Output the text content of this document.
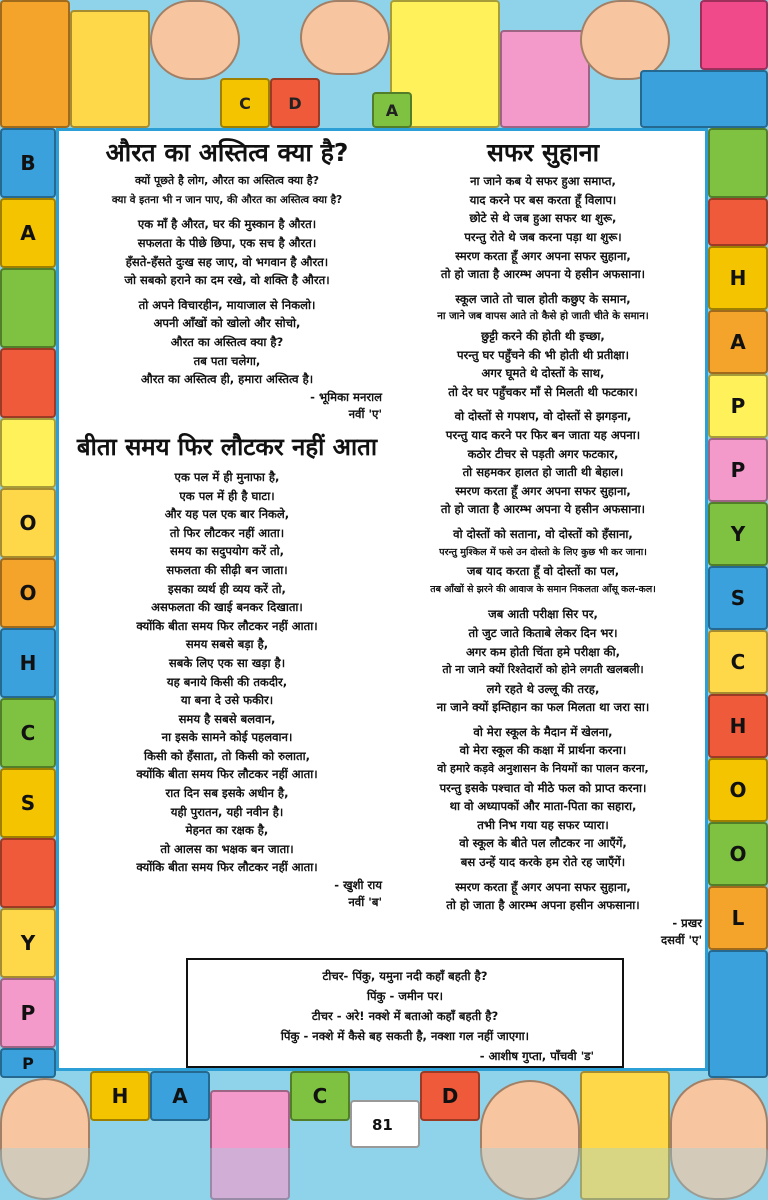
C D	A
B
A
O
O
H
C
S
Y
P
P
H
A
P
P
Y
S
C
H
O
O
L
H A	C	D
औरत का अस्तित्व क्या है?
क्यों पूछते है लोग, औरत का अस्तित्व क्या है?
क्या वे इतना भी न जान पाए, की औरत का अस्तित्व क्या है?
एक माँ है औरत, घर की मुस्कान है औरत।
सफलता के पीछे छिपा, एक सच है औरत।
हँसते-हँसते दुःख सह जाए, वो भगवान है औरत।
जो सबको हराने का दम रखे, वो शक्ति है औरत।
तो अपने विचारहीन, मायाजाल से निकलो।
अपनी आँखों को खोलो और सोचो,
औरत का अस्तित्व क्या है?
तब पता चलेगा,
औरत का अस्तित्व ही, हमारा अस्तित्व है।
- भूमिका मनराल
नवीं 'ए'
बीता समय फिर लौटकर नहीं आता
एक पल में ही मुनाफा है,
एक पल में ही है घाटा।
और यह पल एक बार निकले,
तो फिर लौटकर नहीं आता।
समय का सदुपयोग करें तो,
सफलता की सीढ़ी बन जाता।
इसका व्यर्थ ही व्यय करें तो,
असफलता की खाई बनकर दिखाता।
क्योंकि बीता समय फिर लौटकर नहीं आता।
समय सबसे बड़ा है,
सबके लिए एक सा खड़ा है।
यह बनाये किसी की तकदीर,
या बना दे उसे फकीर।
समय है सबसे बलवान,
ना इसके सामने कोई पहलवान।
किसी को हँसाता, तो किसी को रुलाता,
क्योंकि बीता समय फिर लौटकर नहीं आता।
रात दिन सब इसके अधीन है,
यही पुरातन, यही नवीन है।
मेहनत का रक्षक है,
तो आलस का भक्षक बन जाता।
क्योंकि बीता समय फिर लौटकर नहीं आता।
- खुशी राय
नवीं 'ब'
सफर सुहाना
ना जाने कब ये सफर हुआ समाप्त,
याद करने पर बस करता हूँ विलाप।
छोटे से थे जब हुआ सफर था शुरू,
परन्तु रोते थे जब करना पड़ा था शुरू।
स्मरण करता हूँ अगर अपना सफर सुहाना,
तो हो जाता है आरम्भ अपना ये हसीन अफसाना।
स्कूल जाते तो चाल होती कछुए के समान,
ना जाने जब वापस आते तो कैसे हो जाती चीते के समान।
छुट्टी करने की होती थी इच्छा,
परन्तु घर पहुँचने की भी होती थी प्रतीक्षा।
अगर घूमते थे दोस्तों के साथ,
तो देर घर पहुँचकर माँ से मिलती थी फटकार।
वो दोस्तों से गपशप, वो दोस्तों से झगड़ना,
परन्तु याद करने पर फिर बन जाता यह अपना।
कठोर टीचर से पड़ती अगर फटकार,
तो सहमकर हालत हो जाती थी बेहाल।
स्मरण करता हूँ अगर अपना सफर सुहाना,
तो हो जाता है आरम्भ अपना ये हसीन अफसाना।
वो दोस्तों को सताना, वो दोस्तों को हँसाना,
परन्तु मुश्किल में फसे उन दोस्तो के लिए कुछ भी कर जाना।
जब याद करता हूँ वो दोस्तों का पल,
तब आँखों से झरने की आवाज के समान निकलता आँसू कल-कल।
जब आती परीक्षा सिर पर,
तो जुट जाते किताबे लेकर दिन भर।
अगर कम होती चिंता हमे परीक्षा की,
तो ना जाने क्यों रिश्तेदारों को होने लगती खलबली।
लगे रहते थे उल्लू की तरह,
ना जाने क्यों इम्तिहान का फल मिलता था जरा सा।
वो मेरा स्कूल के मैदान में खेलना,
वो मेरा स्कूल की कक्षा में प्रार्थना करना।
वो हमारे कड़वे अनुशासन के नियमों का पालन करना,
परन्तु इसके पश्चात वो मीठे फल को प्राप्त करना।
था वो अध्यापकों और माता-पिता का सहारा,
तभी निभ गया यह सफर प्यारा।
वो स्कूल के बीते पल लौटकर ना आएँगें,
बस उन्हें याद करके हम रोते रह जाएँगें।
स्मरण करता हूँ अगर अपना सफर सुहाना,
तो हो जाता है आरम्भ अपना हसीन अफसाना।
- प्रखर
दसवीं 'ए'
टीचर- पिंकु, यमुना नदी कहाँ बहती है?
पिंकु - जमीन पर।
टीचर - अरे! नक्शे में बताओ कहाँ बहती है?
पिंकु - नक्शे में कैसे बह सकती है, नक्शा गल नहीं जाएगा।
- आशीष गुप्ता, पाँचवी 'ड'
81
